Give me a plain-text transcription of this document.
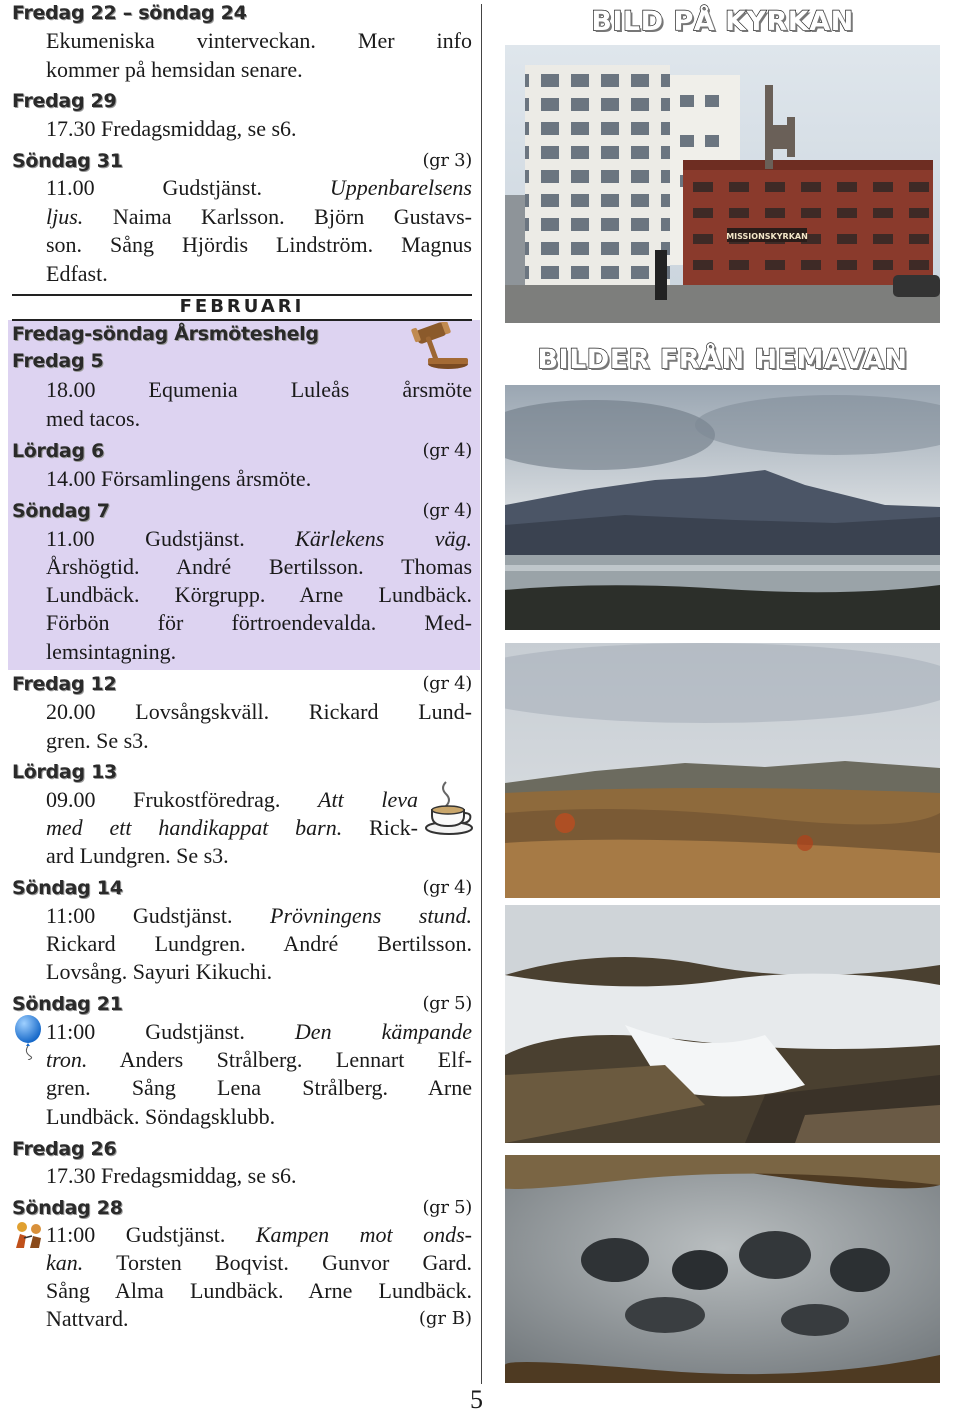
Fredag 22 – söndag 24
Ekumeniska vinterveckan. Mer info
kommer på hemsidan senare.
Fredag 29
17.30 Fredagsmiddag, se s6.
Söndag 31	(gr 3)
11.00 Gudstjänst.	Uppenbarelsens
ljus. Naima Karlsson. Björn Gustavs-
son. Sång Hjördis Lindström. Magnus
Edfast.
FEBRUARI
Fredag-söndag Årsmöteshelg
Fredag 5
18.00 Equmenia Luleås årsmöte
med tacos.
Lördag 6	(gr 4)
14.00 Församlingens årsmöte.
Söndag 7	(gr 4)
11.00 Gudstjänst. Kärlekens väg.
Årshögtid. André Bertilsson. Thomas
Lundbäck. Körgrupp. Arne Lundbäck.
Förbön för förtroendevalda. Med-
lemsintagning.
Fredag 12	(gr 4)
20.00 Lovsångskväll. Rickard Lund-
gren. Se s3.
Lördag 13
09.00 Frukostföredrag. Att leva
med ett handikappat barn. Rick-
ard Lundgren. Se s3.
Söndag 14	(gr 4)
11:00 Gudstjänst. Prövningens stund.
Rickard Lundgren. André Bertilsson.
Lovsång. Sayuri Kikuchi.
Söndag 21	(gr 5)
11:00 Gudstjänst. Den kämpande
tron. Anders Strålberg. Lennart Elf-
gren. Sång Lena Strålberg. Arne
Lundbäck. Söndagsklubb.
Fredag 26
17.30 Fredagsmiddag, se s6.
Söndag 28	(gr 5)
11:00 Gudstjänst. Kampen mot onds-
kan. Torsten Boqvist. Gunvor Gard.
Sång Alma Lundbäck. Arne Lundbäck.
Nattvard.	(gr B)
5
BILD PÅ KYRKAN
MISSIONSKYRKAN
BILDER FRÅN HEMAVAN
